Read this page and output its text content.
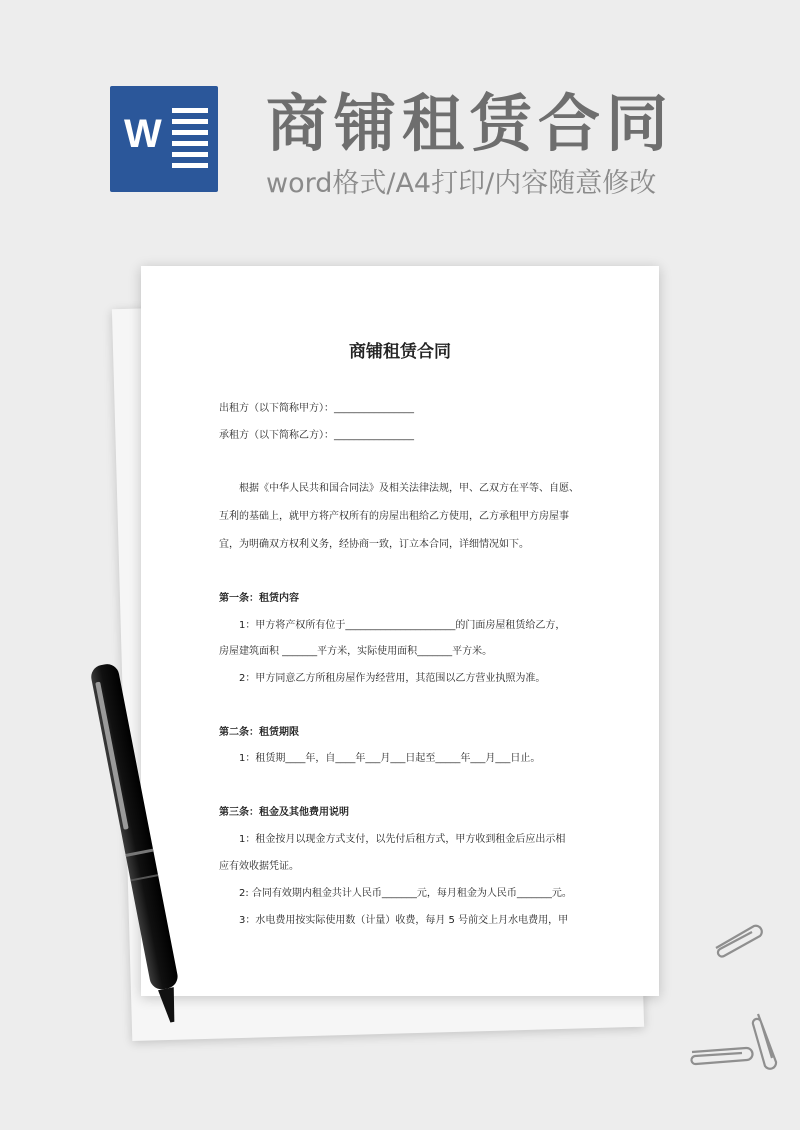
W 商铺租赁合同
word格式/A4打印/内容随意修改
商铺租赁合同
出租方（以下简称甲方）：________________
承租方（以下简称乙方）：________________
根据《中华人民共和国合同法》及相关法律法规，甲、乙双方在平等、自愿、
互利的基础上，就甲方将产权所有的房屋出租给乙方使用，乙方承租甲方房屋事
宜，为明确双方权利义务，经协商一致，订立本合同，详细情况如下。
第一条：租赁内容
1：甲方将产权所有位于______________________的门面房屋租赁给乙方，
房屋建筑面积 _______平方米，实际使用面积_______平方米。
2：甲方同意乙方所租房屋作为经营用，其范围以乙方营业执照为准。
第二条：租赁期限
1：租赁期____年，自____年___月___日起至_____年___月___日止。
第三条：租金及其他费用说明
1：租金按月以现金方式支付，以先付后租方式，甲方收到租金后应出示相
应有效收据凭证。
2: 合同有效期内租金共计人民币_______元，每月租金为人民币_______元。
3：水电费用按实际使用数（计量）收费，每月 5 号前交上月水电费用，甲
